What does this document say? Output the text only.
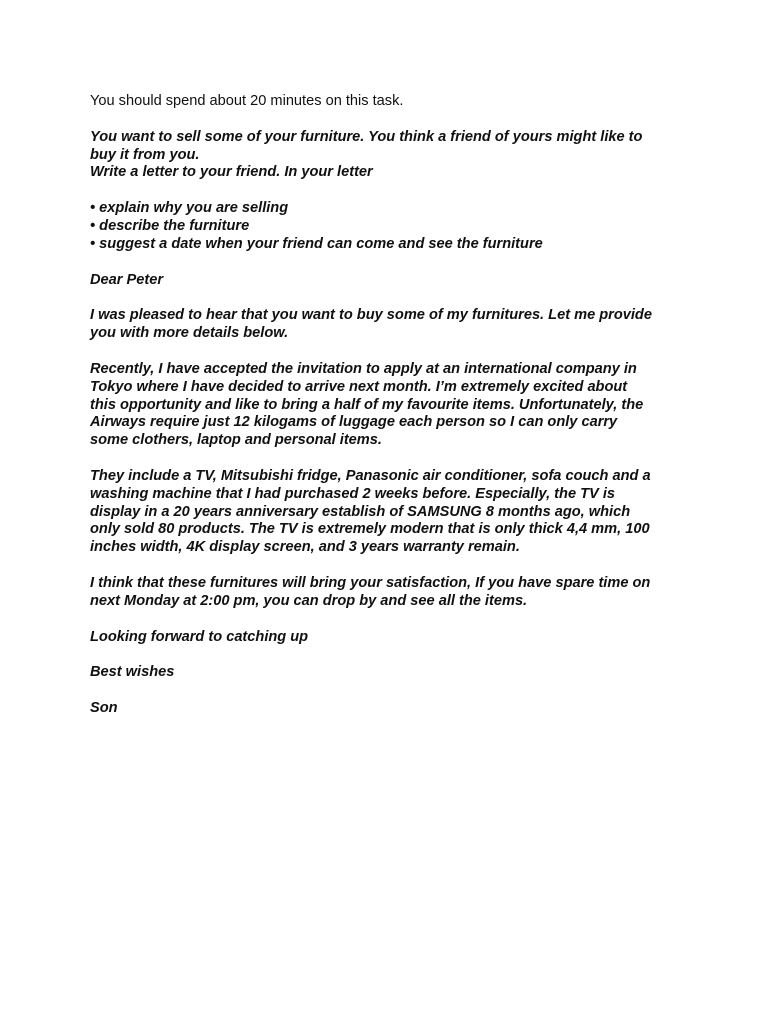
You should spend about 20 minutes on this task.
You want to sell some of your furniture. You think a friend of yours might like to
buy it from you.
Write a letter to your friend. In your letter
• explain why you are selling
• describe the furniture
• suggest a date when your friend can come and see the furniture
Dear Peter
I was pleased to hear that you want to buy some of my furnitures. Let me provide
you with more details below.
Recently, I have accepted the invitation to apply at an international company in
Tokyo where I have decided to arrive next month. I’m extremely excited about
this opportunity and like to bring a half of my favourite items. Unfortunately, the
Airways require just 12 kilogams of luggage each person so I can only carry
some clothers, laptop and personal items.
They include a TV, Mitsubishi fridge, Panasonic air conditioner, sofa couch and a
washing machine that I had purchased 2 weeks before. Especially, the TV is
display in a 20 years anniversary establish of SAMSUNG 8 months ago, which
only sold 80 products. The TV is extremely modern that is only thick 4,4 mm, 100
inches width, 4K display screen, and 3 years warranty remain.
I think that these furnitures will bring your satisfaction, If you have spare time on
next Monday at 2:00 pm, you can drop by and see all the items.
Looking forward to catching up
Best wishes
Son
